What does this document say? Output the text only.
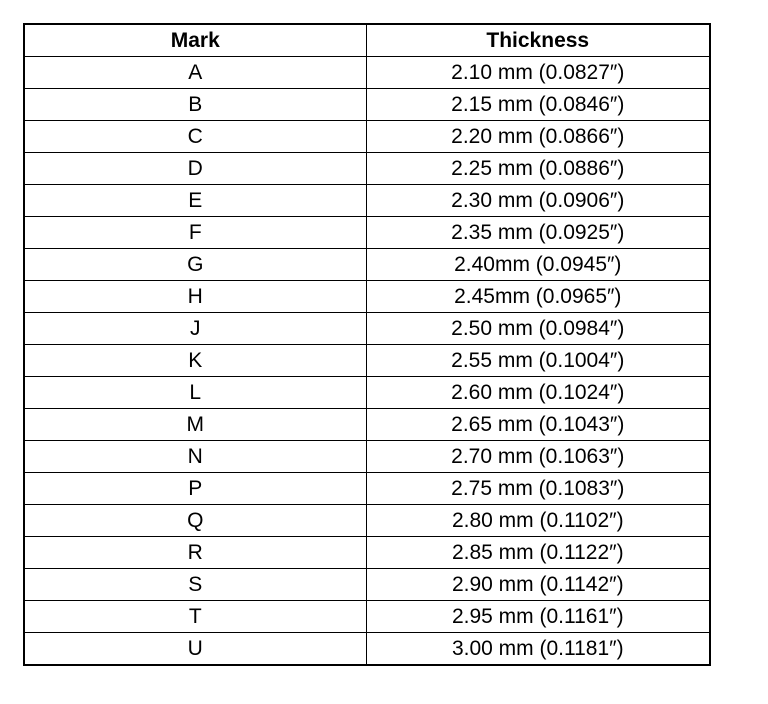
Mark	Thickness
A	2.10 mm (0.0827″)
B	2.15 mm (0.0846″)
C	2.20 mm (0.0866″)
D	2.25 mm (0.0886″)
E	2.30 mm (0.0906″)
F	2.35 mm (0.0925″)
G	2.40mm (0.0945″)
H	2.45mm (0.0965″)
J	2.50 mm (0.0984″)
K	2.55 mm (0.1004″)
L	2.60 mm (0.1024″)
M	2.65 mm (0.1043″)
N	2.70 mm (0.1063″)
P	2.75 mm (0.1083″)
Q	2.80 mm (0.1102″)
R	2.85 mm (0.1122″)
S	2.90 mm (0.1142″)
T	2.95 mm (0.1161″)
U	3.00 mm (0.1181″)
